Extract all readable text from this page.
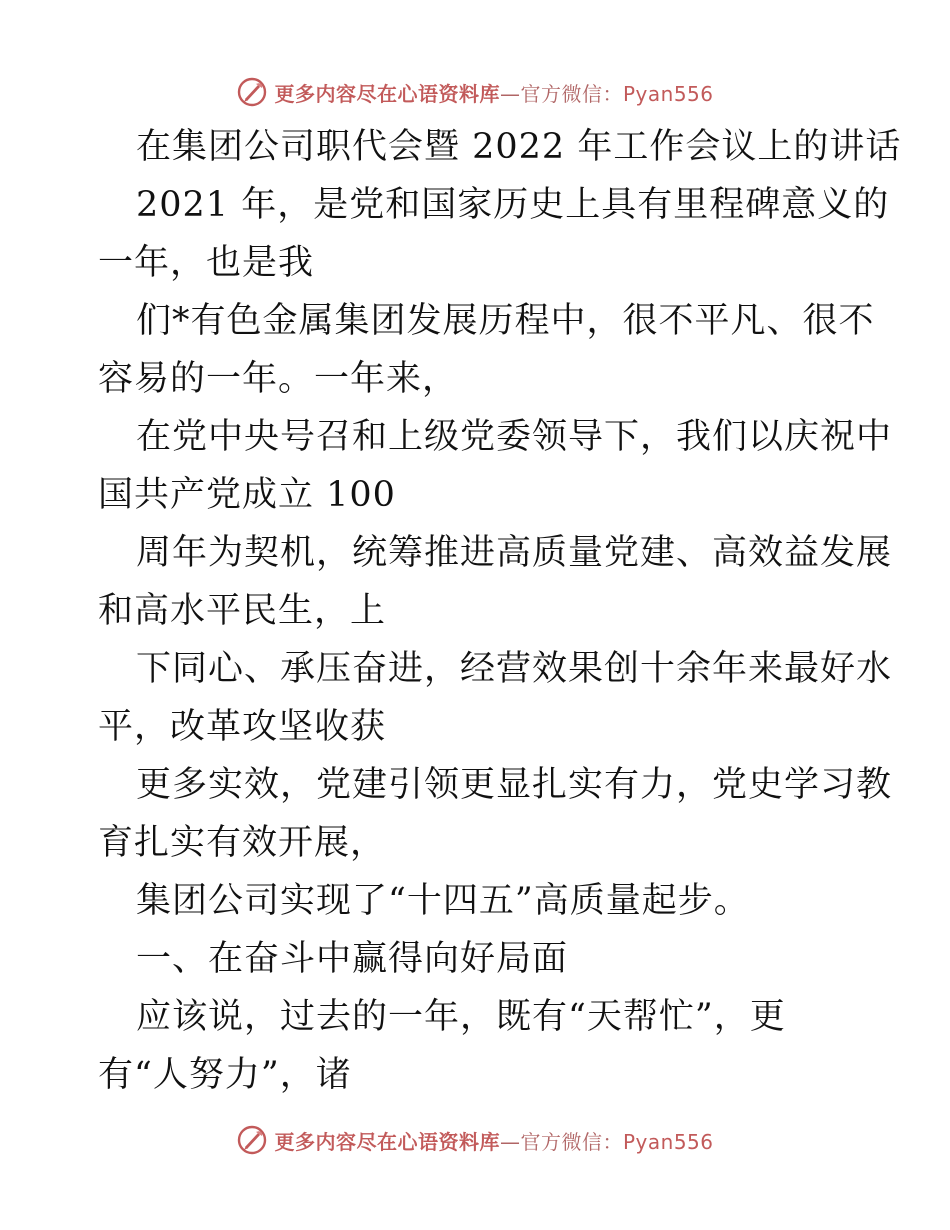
更多内容尽在心语资料库—官方微信：Pyan556
在集团公司职代会暨 2022 年工作会议上的讲话
2021 年，是党和国家历史上具有里程碑意义的
一年，也是我
们*有色金属集团发展历程中，很不平凡、很不
容易的一年。一年来，
在党中央号召和上级党委领导下，我们以庆祝中
国共产党成立 100
周年为契机，统筹推进高质量党建、高效益发展
和高水平民生，上
下同心、承压奋进，经营效果创十余年来最好水
平，改革攻坚收获
更多实效，党建引领更显扎实有力，党史学习教
育扎实有效开展，
集团公司实现了“十四五”高质量起步。
一、在奋斗中赢得向好局面
应该说，过去的一年，既有“天帮忙”，更
有“人努力”，诸
更多内容尽在心语资料库—官方微信：Pyan556
